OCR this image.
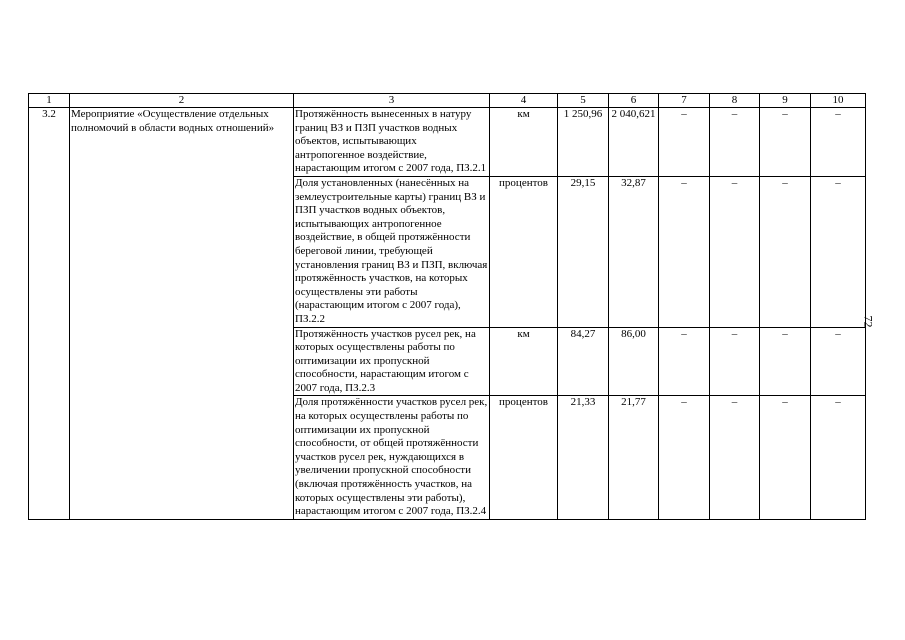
1	2	3	4	5	6	7	8	9	10
3.2	Мероприятие «Осуществление отдельных полномочий в области водных отношений»	Протяжённость вынесенных в натуру границ ВЗ и ПЗП участков водных объектов, испытывающих антропогенное воздействие, нарастающим итогом с 2007 года, ПЗ.2.1	км	1 250,96	2 040,621	–	–	–	–
		Доля установленных (нанесённых на землеустроительные карты) границ ВЗ и ПЗП участков водных объектов, испытывающих антропогенное воздействие, в общей протяжённости береговой линии, требующей установления границ ВЗ и ПЗП, включая протяжённость участков, на которых осуществлены эти работы (нарастающим итогом с 2007 года), ПЗ.2.2	процентов	29,15	32,87	–	–	–	–
		Протяжённость участков русел рек, на которых осуществлены работы по оптимизации их пропускной способности, нарастающим итогом с 2007 года, ПЗ.2.3	км	84,27	86,00	–	–	–	–
		Доля протяжённости участков русел рек, на которых осуществлены работы по оптимизации их пропускной способности, от общей протяжённости участков русел рек, нуждающихся в увеличении пропускной способности (включая протяжённость участков, на которых осуществлены эти работы), нарастающим итогом с 2007 года, ПЗ.2.4	процентов	21,33	21,77	–	–	–	–
72
